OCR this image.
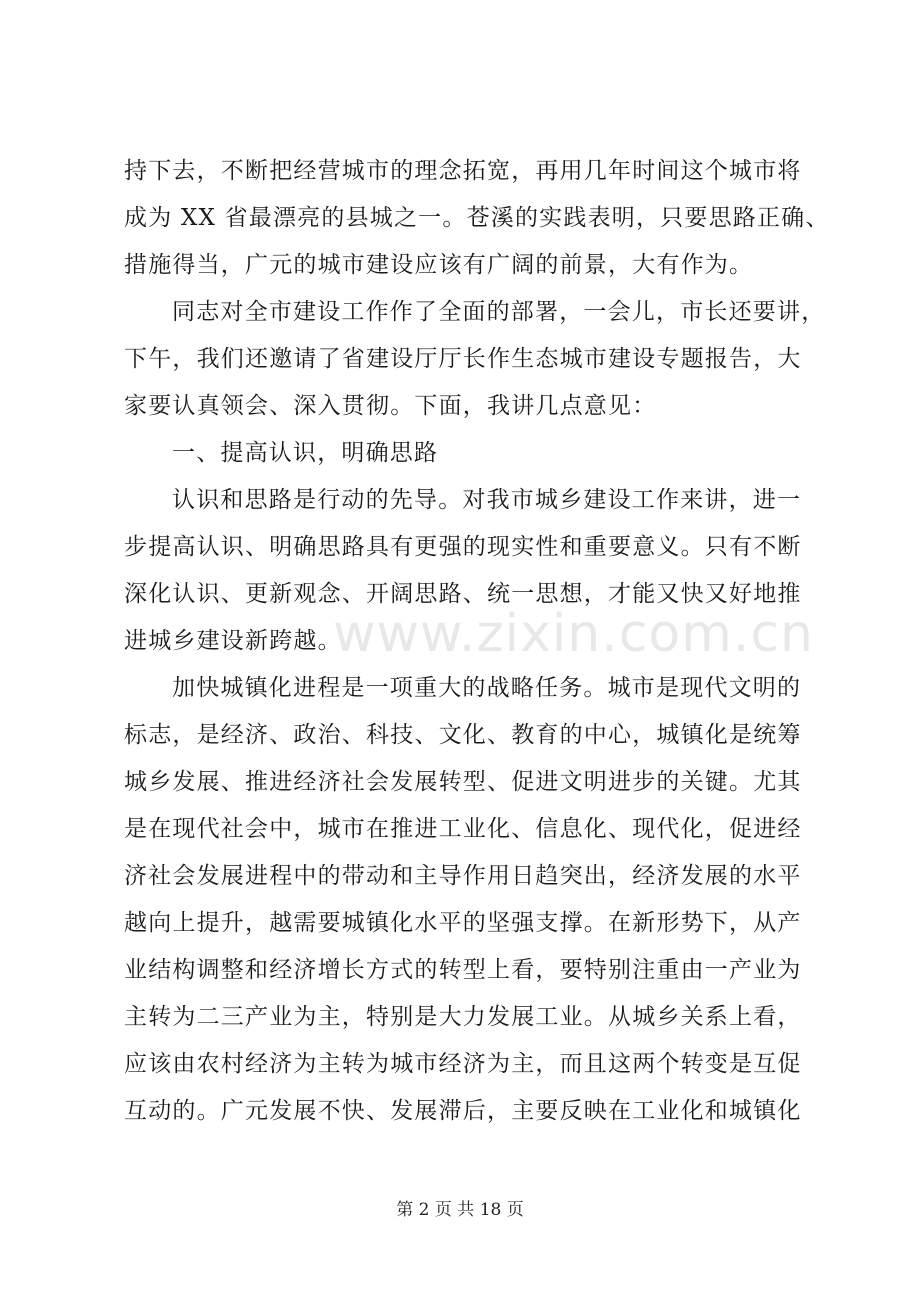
持下去，不断把经营城市的理念拓宽，再用几年时间这个城市将
成为 XX 省最漂亮的县城之一。苍溪的实践表明，只要思路正确、
措施得当，广元的城市建设应该有广阔的前景，大有作为。
同志对全市建设工作作了全面的部署，一会儿，市长还要讲，
下午，我们还邀请了省建设厅厅长作生态城市建设专题报告，大
家要认真领会、深入贯彻。下面，我讲几点意见：
一、提高认识，明确思路
认识和思路是行动的先导。对我市城乡建设工作来讲，进一
步提高认识、明确思路具有更强的现实性和重要意义。只有不断
深化认识、更新观念、开阔思路、统一思想，才能又快又好地推
进城乡建设新跨越。
加快城镇化进程是一项重大的战略任务。城市是现代文明的
标志，是经济、政治、科技、文化、教育的中心，城镇化是统筹
城乡发展、推进经济社会发展转型、促进文明进步的关键。尤其
是在现代社会中，城市在推进工业化、信息化、现代化，促进经
济社会发展进程中的带动和主导作用日趋突出，经济发展的水平
越向上提升，越需要城镇化水平的坚强支撑。在新形势下，从产
业结构调整和经济增长方式的转型上看，要特别注重由一产业为
主转为二三产业为主，特别是大力发展工业。从城乡关系上看，
应该由农村经济为主转为城市经济为主，而且这两个转变是互促
互动的。广元发展不快、发展滞后，主要反映在工业化和城镇化
www.zixin.com.cn
第 2 页 共 18 页
